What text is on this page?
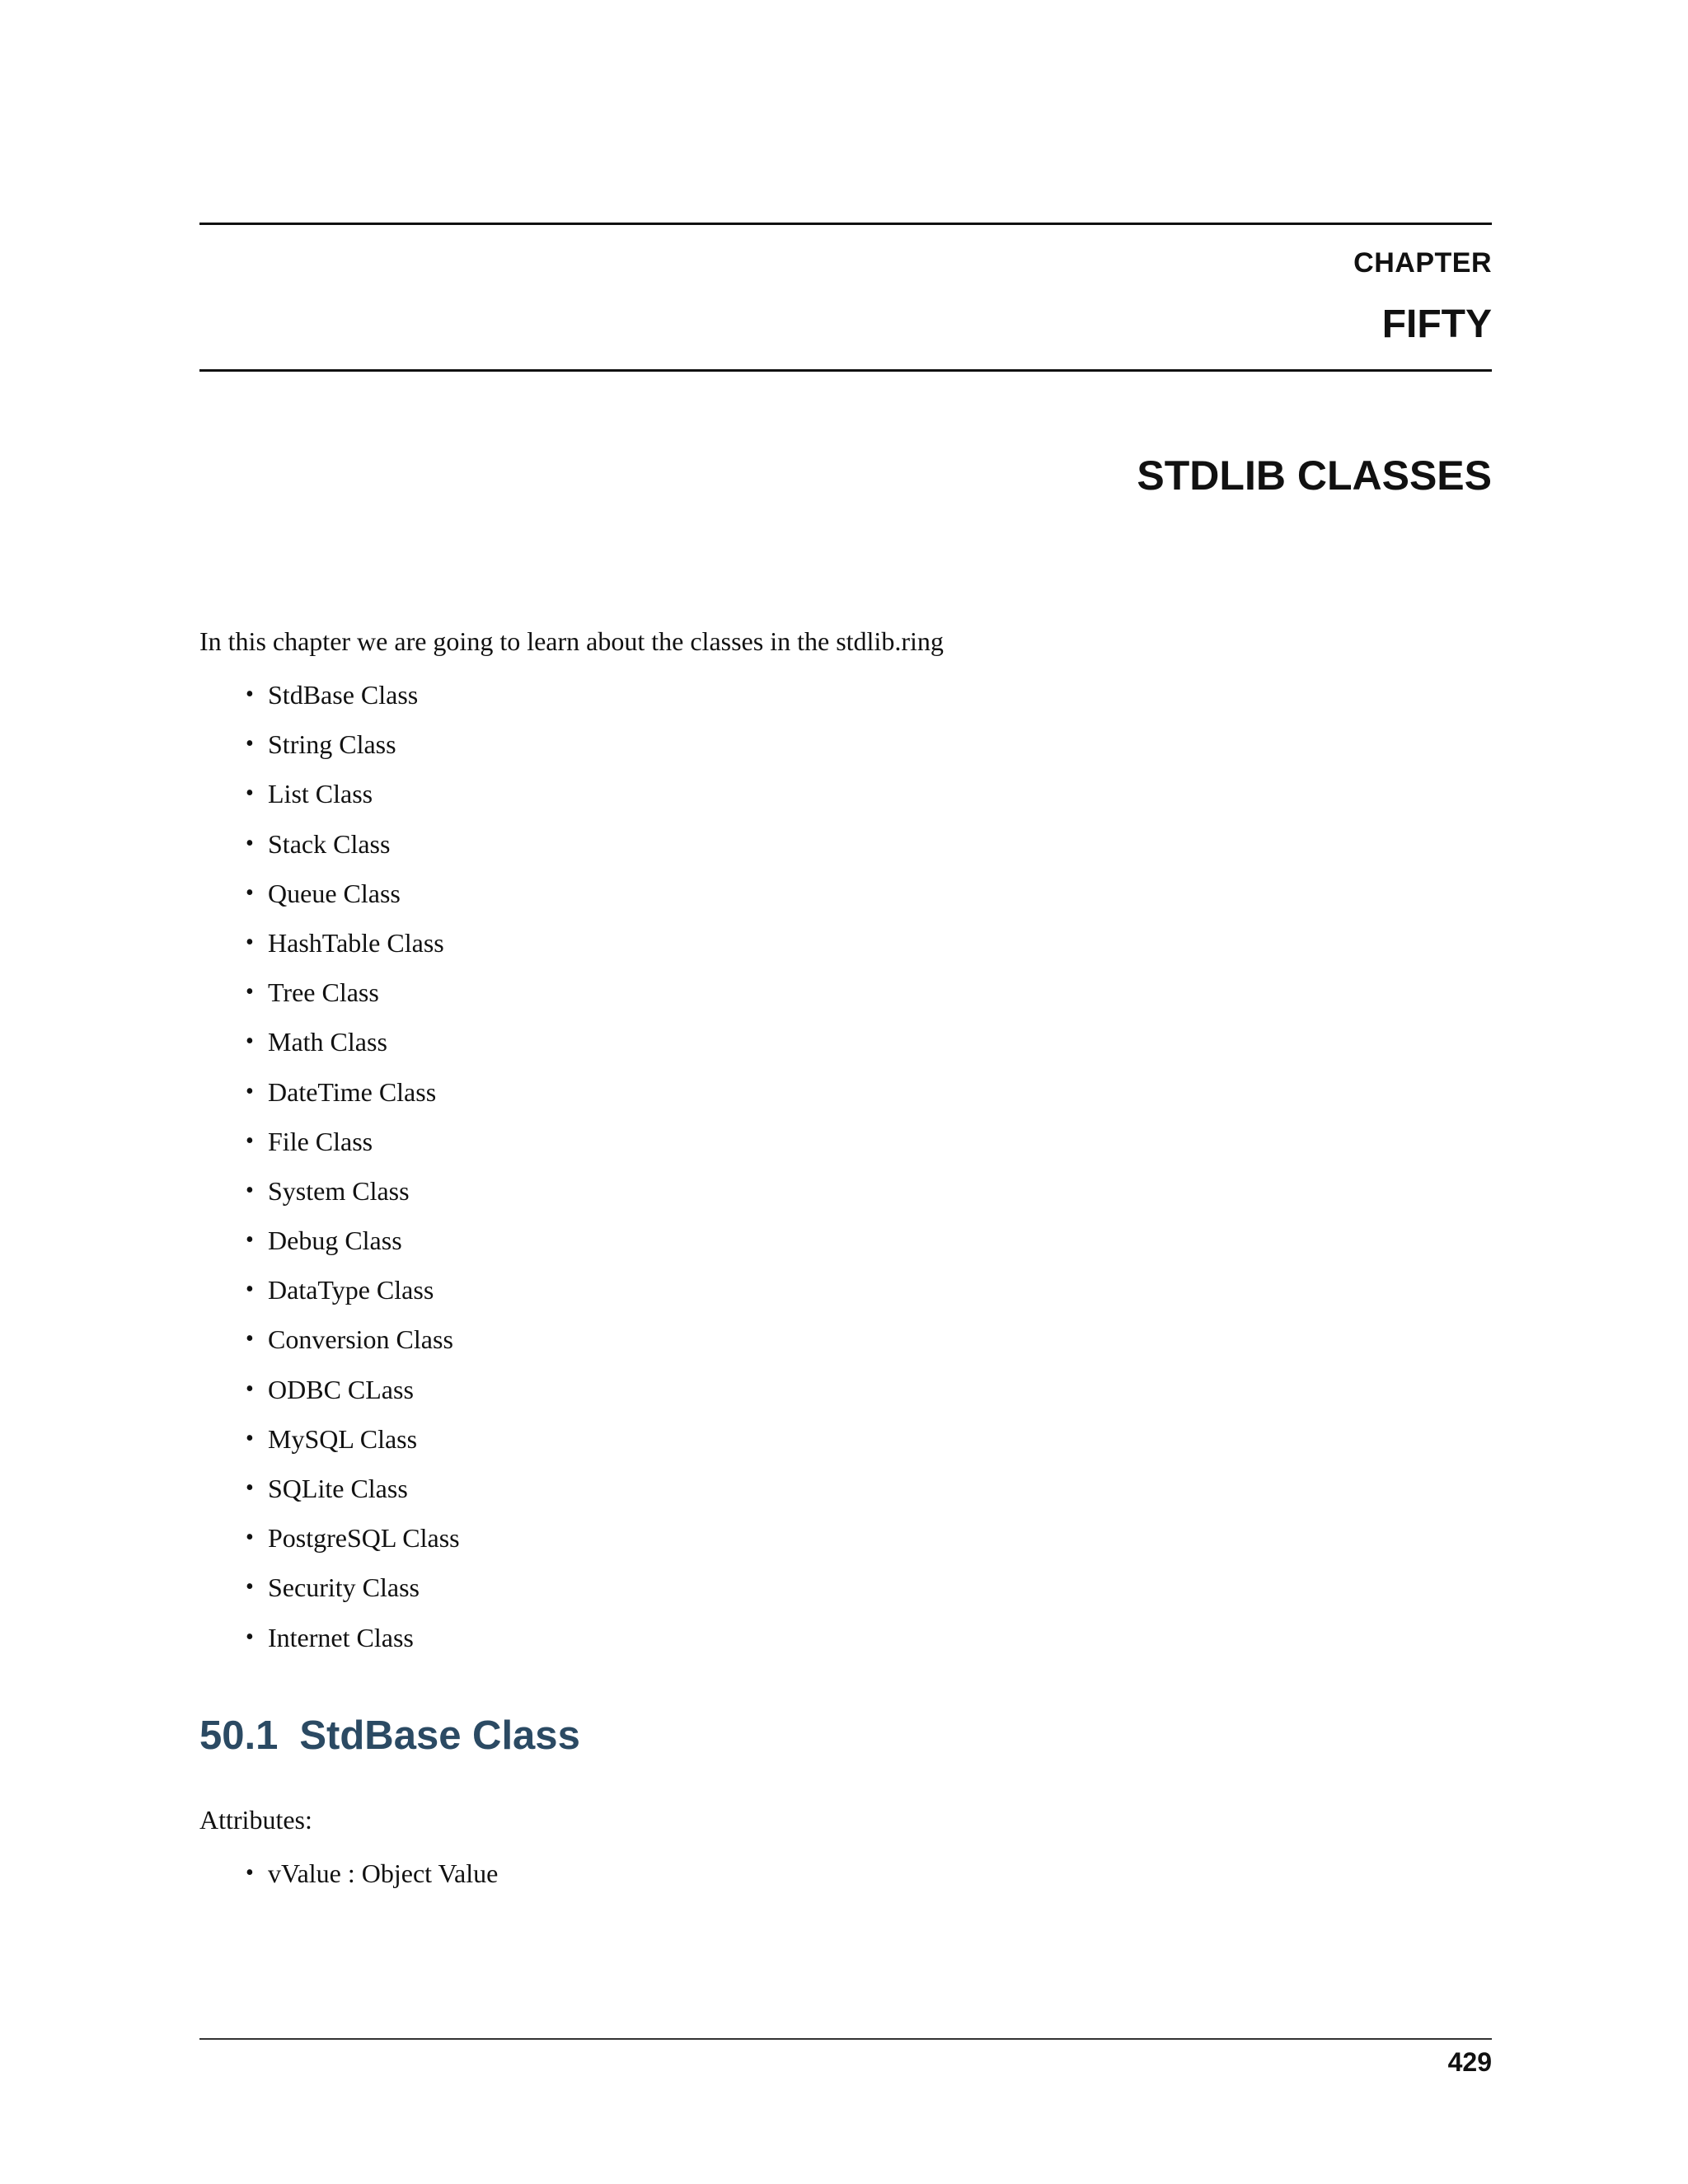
CHAPTER
FIFTY
STDLIB CLASSES

In this chapter we are going to learn about the classes in the stdlib.ring

• StdBase Class
• String Class
• List Class
• Stack Class
• Queue Class
• HashTable Class
• Tree Class
• Math Class
• DateTime Class
• File Class
• System Class
• Debug Class
• DataType Class
• Conversion Class
• ODBC CLass
• MySQL Class
• SQLite Class
• PostgreSQL Class
• Security Class
• Internet Class
50.1 StdBase Class

Attributes:

• vValue : Object Value
429
